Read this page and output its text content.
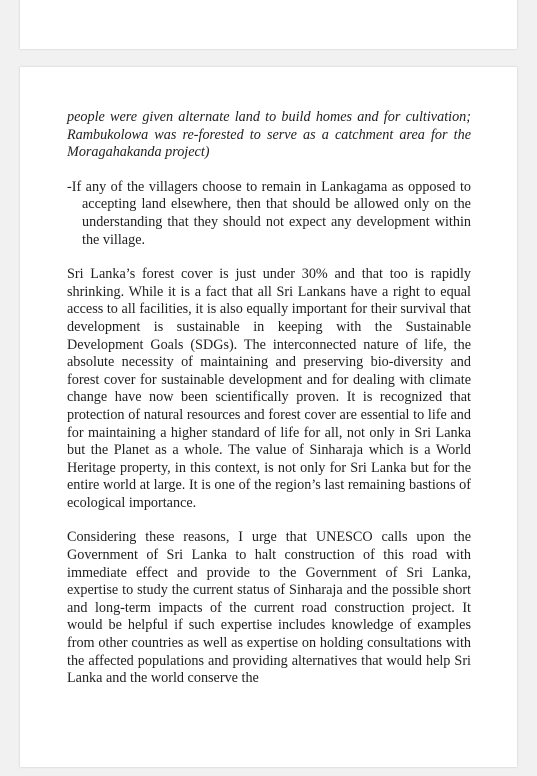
people were given alternate land to build homes and for cultivation; Rambukolowa was re-forested to serve as a catchment area for the Moragahakanda project)

-If any of the villagers choose to remain in Lankagama as opposed to accepting land elsewhere, then that should be allowed only on the understanding that they should not expect any development within the village.

Sri Lanka’s forest cover is just under 30% and that too is rapidly shrinking. While it is a fact that all Sri Lankans have a right to equal access to all facilities, it is also equally important for their survival that development is sustainable in keeping with the Sustainable Development Goals (SDGs). The interconnected nature of life, the absolute necessity of maintaining and preserving bio-diversity and forest cover for sustainable development and for dealing with climate change have now been scientifically proven. It is recognized that protection of natural resources and forest cover are essential to life and for maintaining a higher standard of life for all, not only in Sri Lanka but the Planet as a whole. The value of Sinharaja which is a World Heritage property, in this context, is not only for Sri Lanka but for the entire world at large. It is one of the region’s last remaining bastions of ecological importance.

Considering these reasons, I urge that UNESCO calls upon the Government of Sri Lanka to halt construction of this road with immediate effect and provide to the Government of Sri Lanka, expertise to study the current status of Sinharaja and the possible short and long-term impacts of the current road construction project. It would be helpful if such expertise includes knowledge of examples from other countries as well as expertise on holding consultations with the affected populations and providing alternatives that would help Sri Lanka and the world conserve the
